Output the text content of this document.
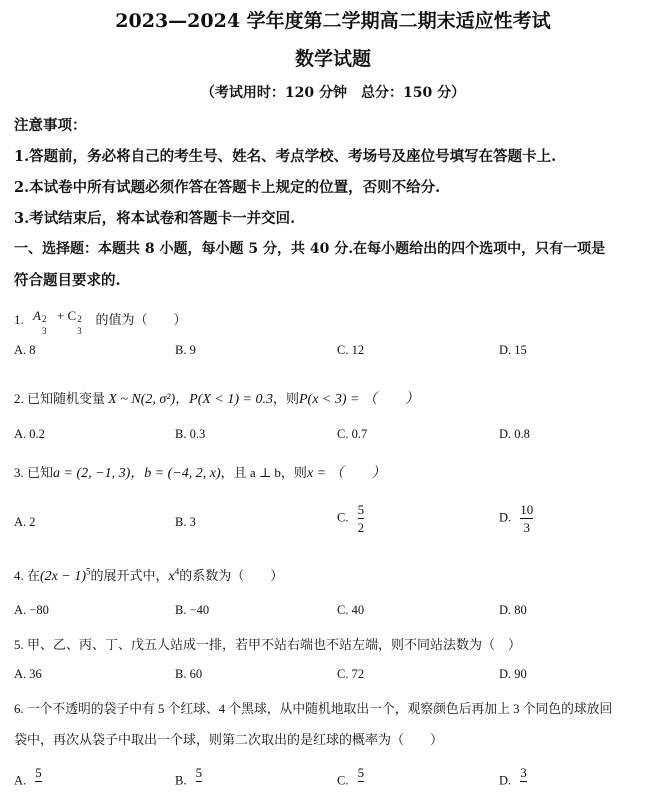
2023—2024 学年度第二学期高二期末适应性考试
数学试题
（考试用时：120 分钟　总分：150 分）
注意事项：
1.答题前，务必将自己的考生号、姓名、考点学校、考场号及座位号填写在答题卡上.
2.本试卷中所有试题必须作答在答题卡上规定的位置，否则不给分.
3.考试结束后，将本试卷和答题卡一并交回.
一、选择题：本题共 8 小题，每小题 5 分，共 40 分.在每小题给出的四个选项中，只有一项是
符合题目要求的.
1. A 2
3
+ C 2
3
的值为（　　）
A. 8	B. 9	C. 12	D. 15
2. 已知随机变量 X ~ N(2, σ²)，P(X < 1) = 0.3，则P(x < 3) = （　　）
A. 0.2	B. 0.3	C. 0.7	D. 0.8
3. 已知a = (2, −1, 3)，b = (−4, 2, x)，且 a ⊥ b，则x = （　　）
A. 2	B. 3	C. $\frac{5}{2}$	D. $\frac{10}{3}$
4. 在$(2x - 1)^5$的展开式中，$x^4$的系数为（　　）
A. −80	B. −40	C. 40	D. 80
5. 甲、乙、丙、丁、戊五人站成一排，若甲不站右端也不站左端，则不同站法数为（　）
A. 36	B. 60	C. 72	D. 90
6. 一个不透明的袋子中有 5 个红球、4 个黑球，从中随机地取出一个，观察颜色后再加上 3 个同色的球放回
袋中，再次从袋子中取出一个球，则第二次取出的是红球的概率为（　　）
A.
5

B.
5

C.
5

D.
3
